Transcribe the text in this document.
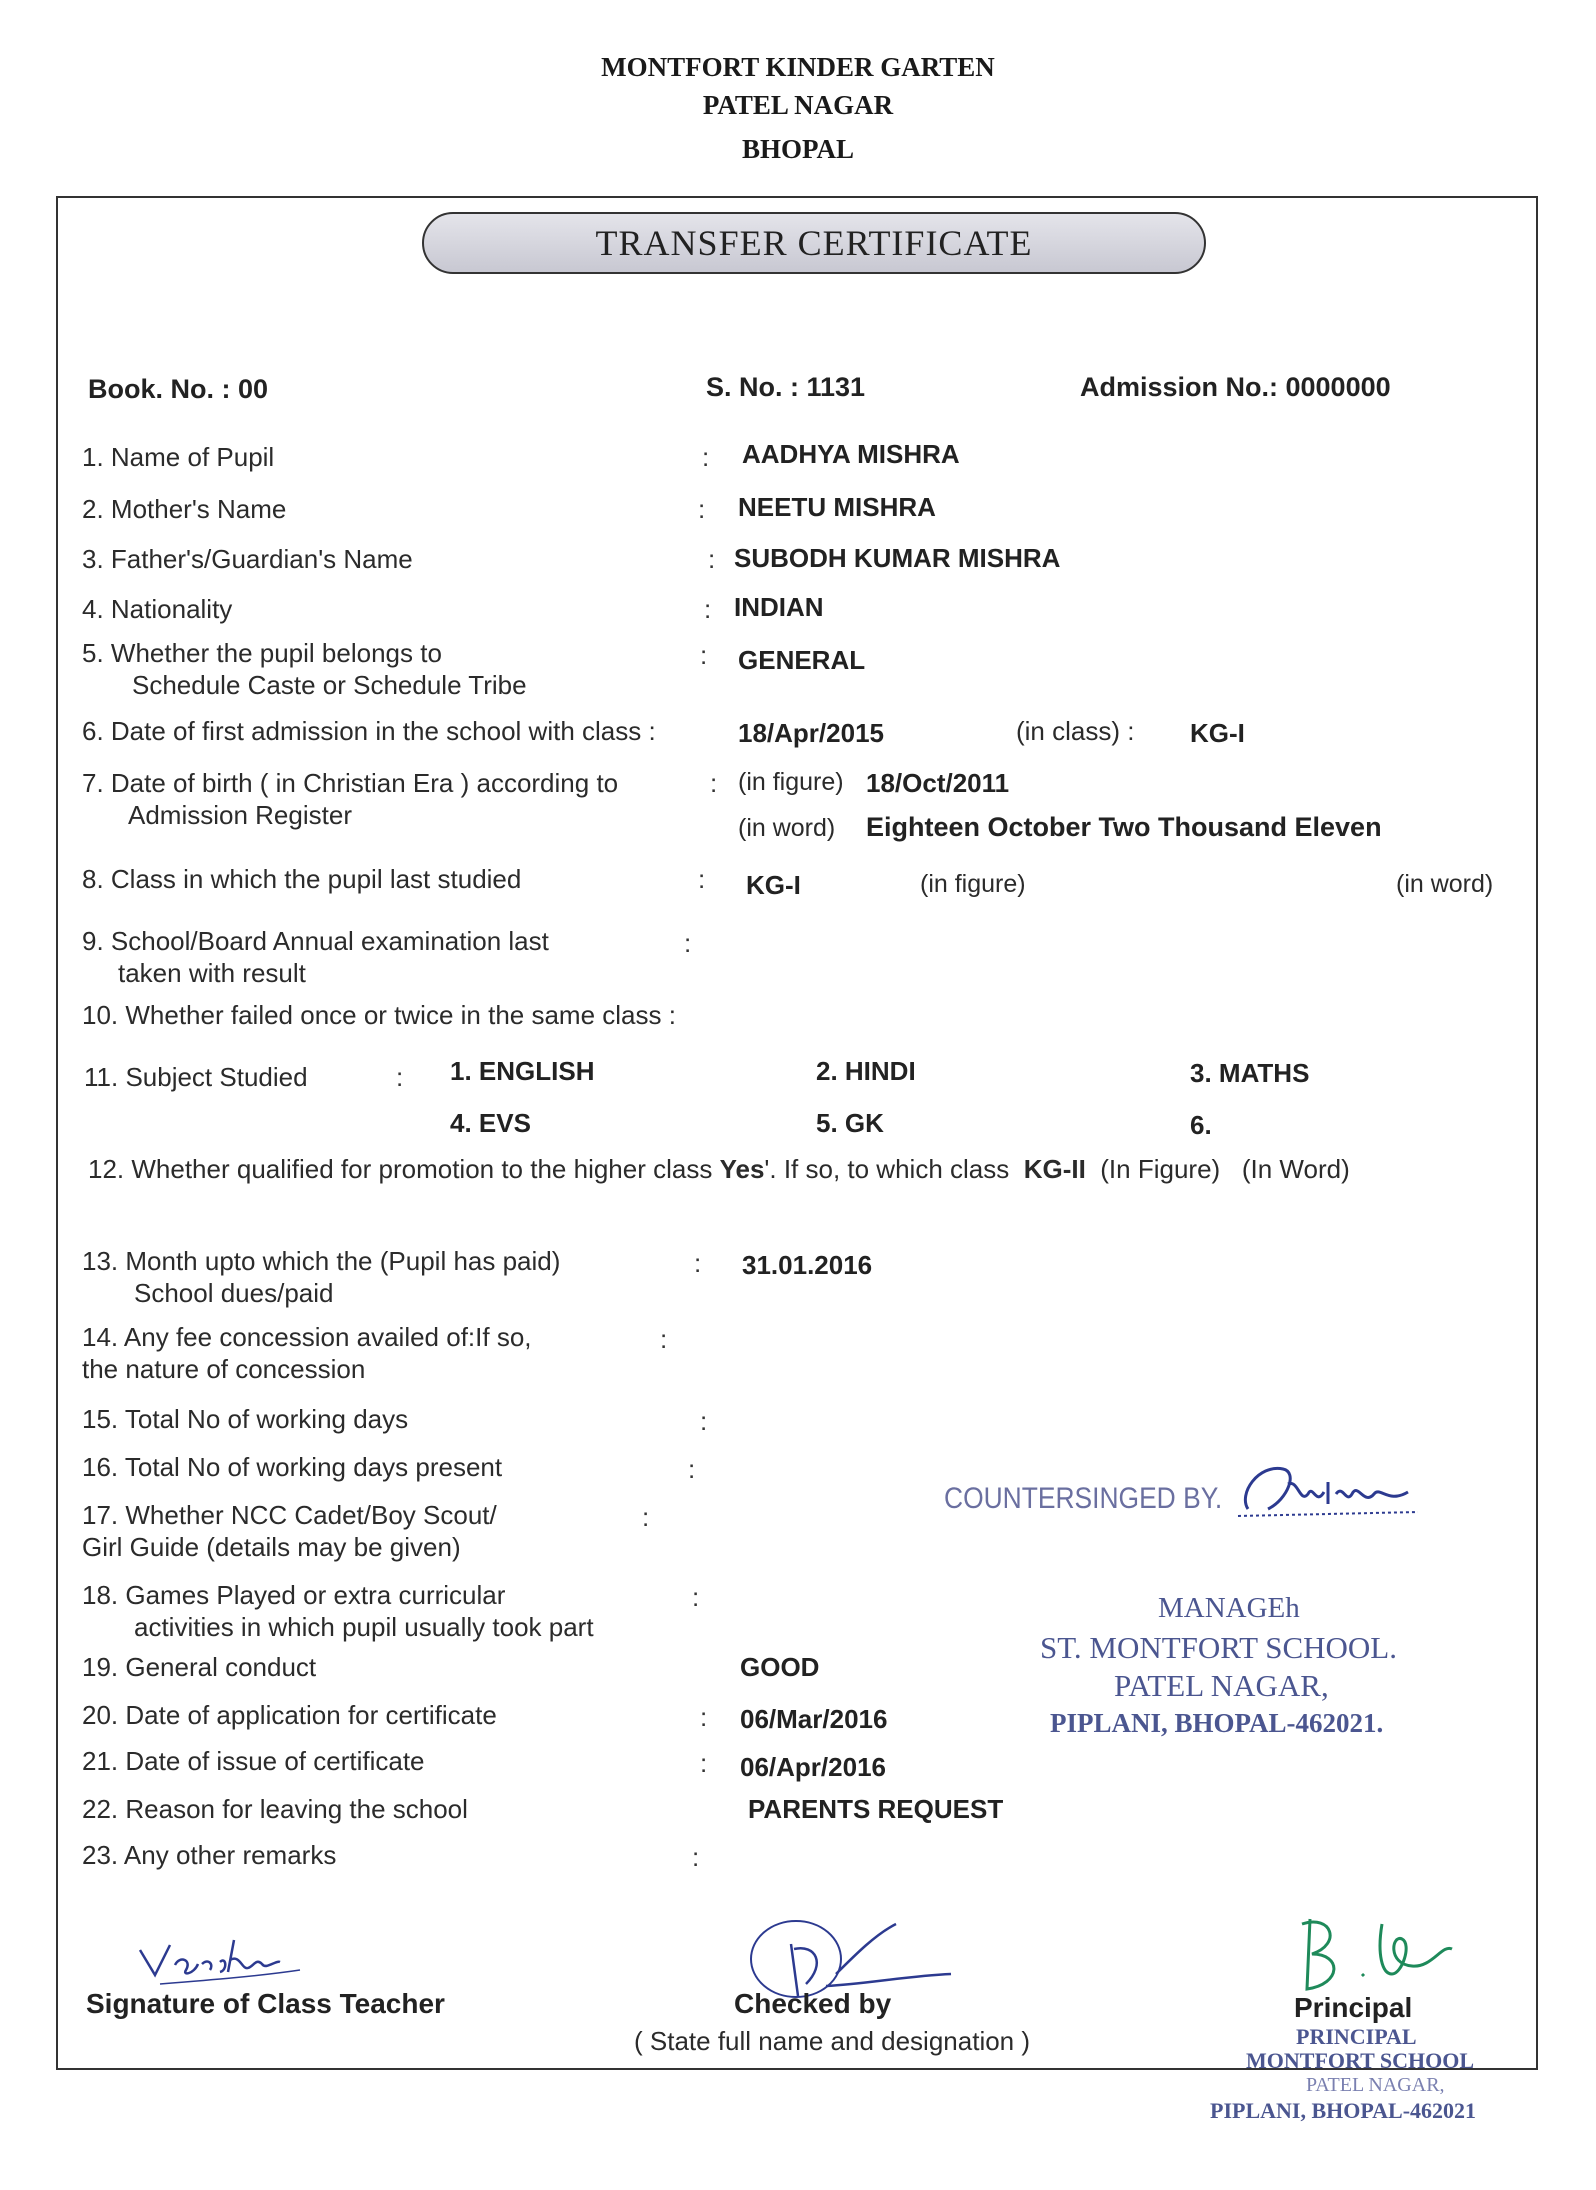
MONTFORT KINDER GARTEN
PATEL NAGAR
BHOPAL
TRANSFER CERTIFICATE
Book. No. : 00	S. No. : 1131	Admission No.: 0000000
1. Name of Pupil	: AADHYA MISHRA
2. Mother's Name	: NEETU MISHRA
3. Father's/Guardian's Name	: SUBODH KUMAR MISHRA
4. Nationality	: INDIAN
5. Whether the pupil belongs to
Schedule Caste or Schedule Tribe
: GENERAL
6. Date of first admission in the school with class :	18/Apr/2015	(in class) : KG-I
7. Date of birth ( in Christian Era ) according to
Admission Register
: (in figure) 18/Oct/2011
(in word) Eighteen October Two Thousand Eleven
8. Class in which the pupil last studied	: KG-I	(in figure)	(in word)
9. School/Board Annual examination last
taken with result
:
10. Whether failed once or twice in the same class :
11. Subject Studied	: 1. ENGLISH	2. HINDI	3. MATHS
4. EVS	5. GK	6.
12. Whether qualified for promotion to the higher class Yes'. If so, to which class KG-II (In Figure) (In Word)
13. Month upto which the (Pupil has paid)
School dues/paid
: 31.01.2016
14. Any fee concession availed of:If so,
the nature of concession
:
15. Total No of working days	:
16. Total No of working days present	:
17. Whether NCC Cadet/Boy Scout/
Girl Guide (details may be given)
:
18. Games Played or extra curricular
activities in which pupil usually took part
:
19. General conduct	GOOD
20. Date of application for certificate	: 06/Mar/2016
21. Date of issue of certificate	: 06/Apr/2016
22. Reason for leaving the school	PARENTS REQUEST
23. Any other remarks	:
COUNTERSINGED BY.
MANAGEh
ST. MONTFORT SCHOOL.
PATEL NAGAR,
PIPLANI, BHOPAL-462021.
Signature of Class Teacher	Checked by
( State full name and designation )
Principal
PRINCIPAL
MONTFORT SCHOOL
PATEL NAGAR,
PIPLANI, BHOPAL-462021
